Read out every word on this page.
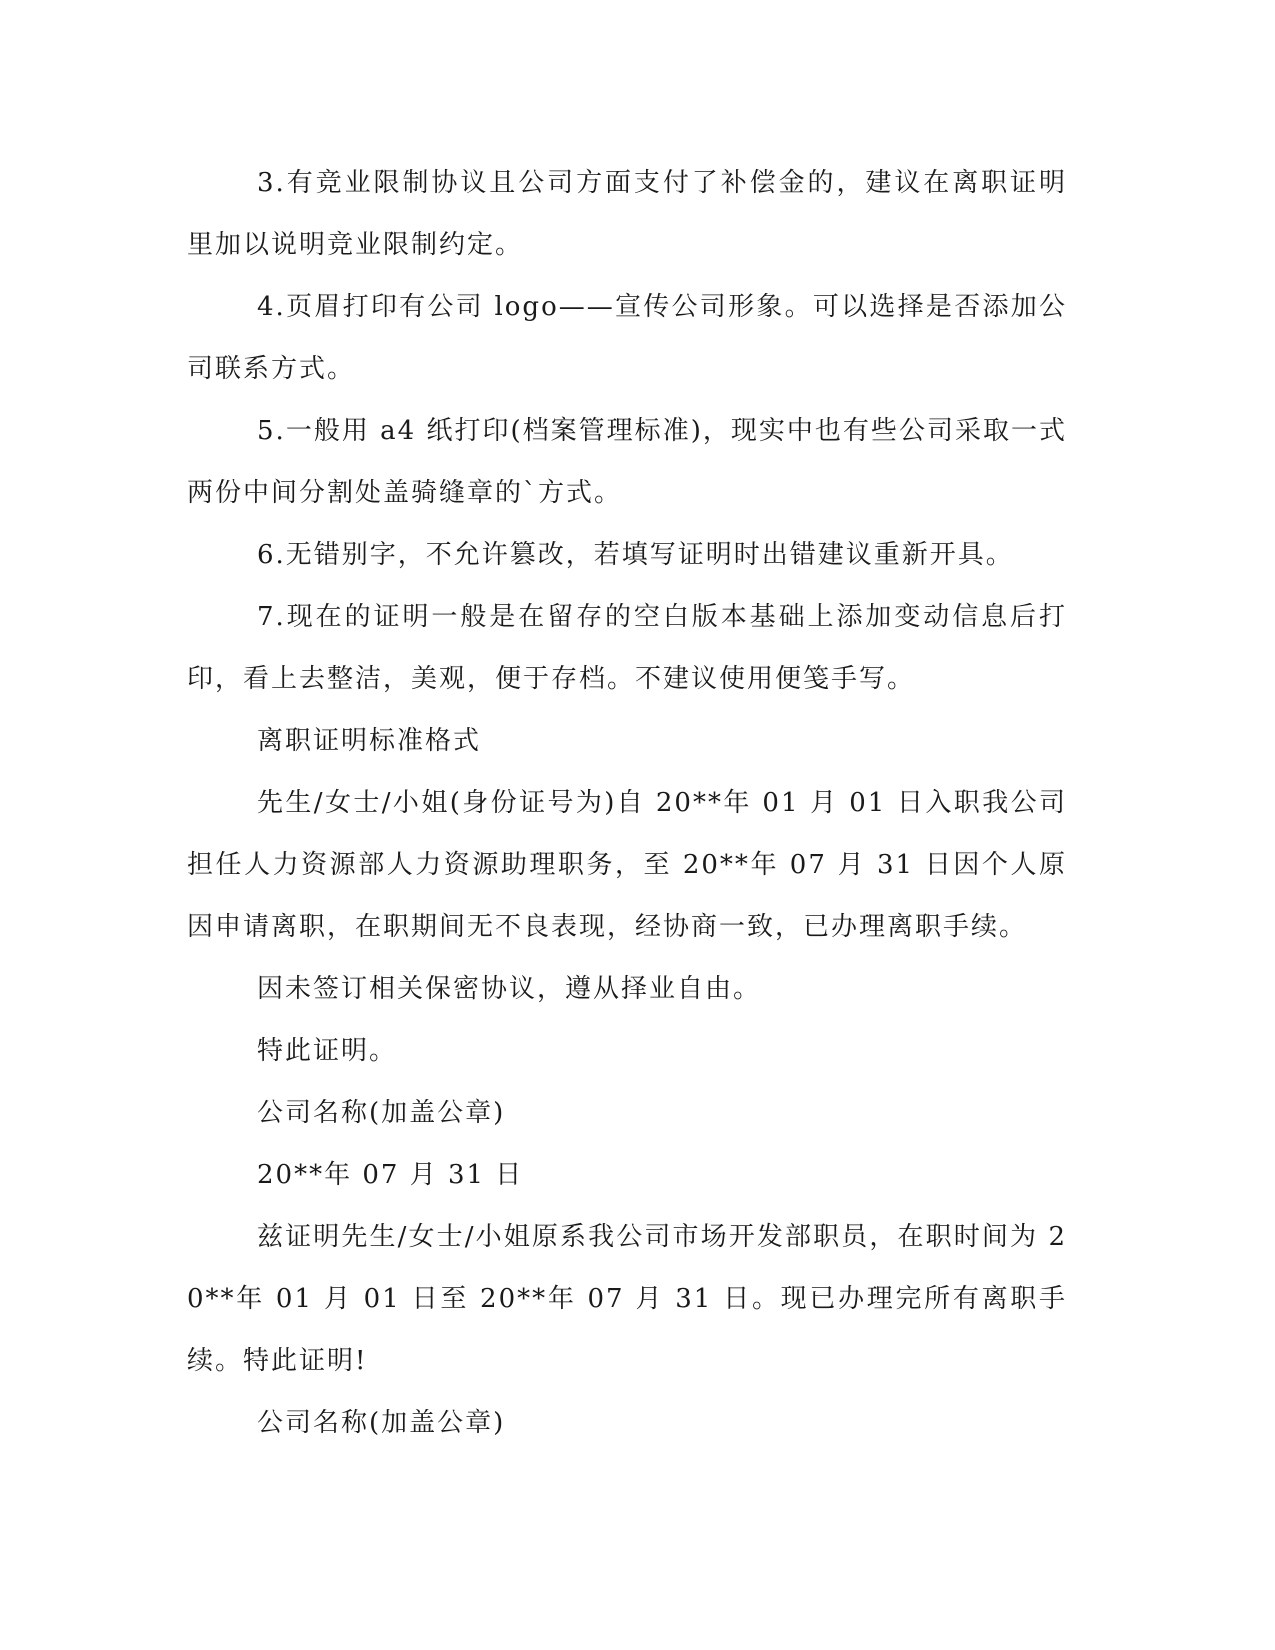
3.有竞业限制协议且公司方面支付了补偿金的，建议在离职证明里加以说明竞业限制约定。

4.页眉打印有公司 logo——宣传公司形象。可以选择是否添加公司联系方式。

5.一般用 a4 纸打印(档案管理标准)，现实中也有些公司采取一式两份中间分割处盖骑缝章的`方式。

6.无错别字，不允许篡改，若填写证明时出错建议重新开具。

7.现在的证明一般是在留存的空白版本基础上添加变动信息后打印，看上去整洁，美观，便于存档。不建议使用便笺手写。

离职证明标准格式

先生/女士/小姐(身份证号为)自 20**年 01 月 01 日入职我公司担任人力资源部人力资源助理职务，至 20**年 07 月 31 日因个人原因申请离职，在职期间无不良表现，经协商一致，已办理离职手续。

因未签订相关保密协议，遵从择业自由。

特此证明。

公司名称(加盖公章)

20**年 07 月 31 日

兹证明先生/女士/小姐原系我公司市场开发部职员，在职时间为 20**年 01 月 01 日至 20**年 07 月 31 日。现已办理完所有离职手续。特此证明!

公司名称(加盖公章)
